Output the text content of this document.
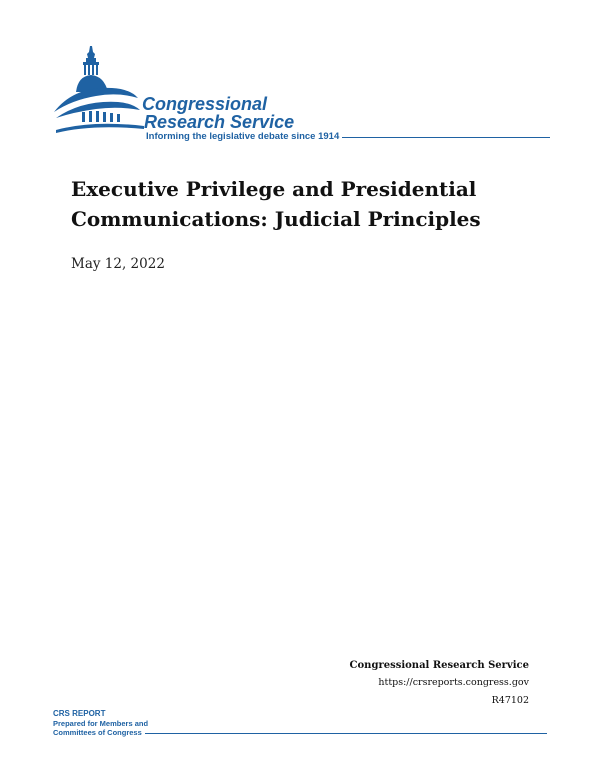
Congressional
Research Service
Informing the legislative debate since 1914
Executive Privilege and Presidential Communications: Judicial Principles
May 12, 2022
Congressional Research Service
https://crsreports.congress.gov
R47102
CRS REPORT
Prepared for Members and
Committees of Congress
